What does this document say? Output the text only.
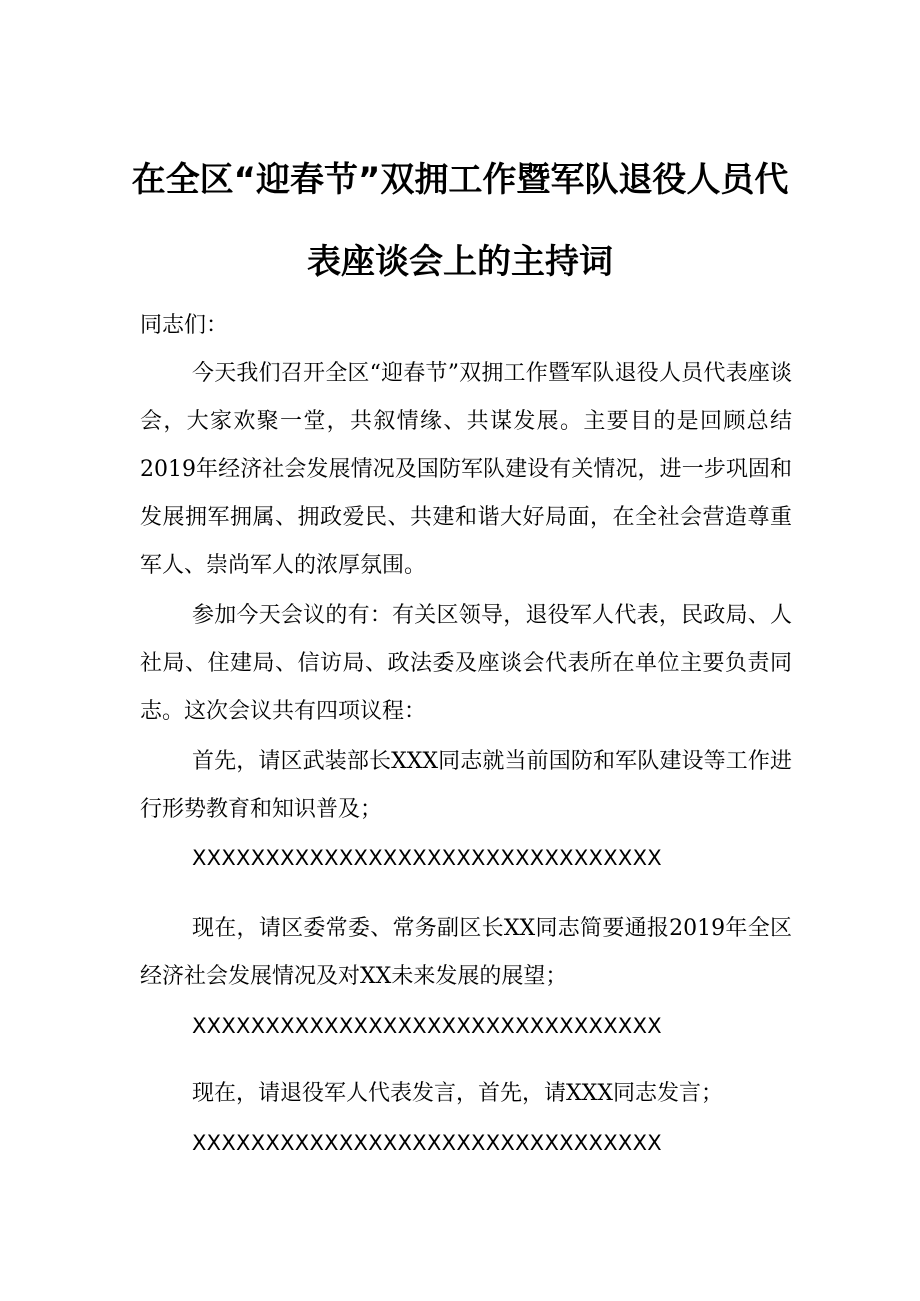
在全区“迎春节”双拥工作暨军队退役人员代
表座谈会上的主持词
同志们：

今天我们召开全区“迎春节”双拥工作暨军队退役人员代表座谈会，大家欢聚一堂，共叙情缘、共谋发展。主要目的是回顾总结2019年经济社会发展情况及国防军队建设有关情况，进一步巩固和发展拥军拥属、拥政爱民、共建和谐大好局面，在全社会营造尊重军人、崇尚军人的浓厚氛围。

参加今天会议的有：有关区领导，退役军人代表，民政局、人社局、住建局、信访局、政法委及座谈会代表所在单位主要负责同志。这次会议共有四项议程：

首先，请区武装部长XXX同志就当前国防和军队建设等工作进行形势教育和知识普及；

XXXXXXXXXXXXXXXXXXXXXXXXXXXXXXXX

现在，请区委常委、常务副区长XX同志简要通报2019年全区经济社会发展情况及对XX未来发展的展望；

XXXXXXXXXXXXXXXXXXXXXXXXXXXXXXXX
现在，请退役军人代表发言，首先，请XXX同志发言；
XXXXXXXXXXXXXXXXXXXXXXXXXXXXXXXX
